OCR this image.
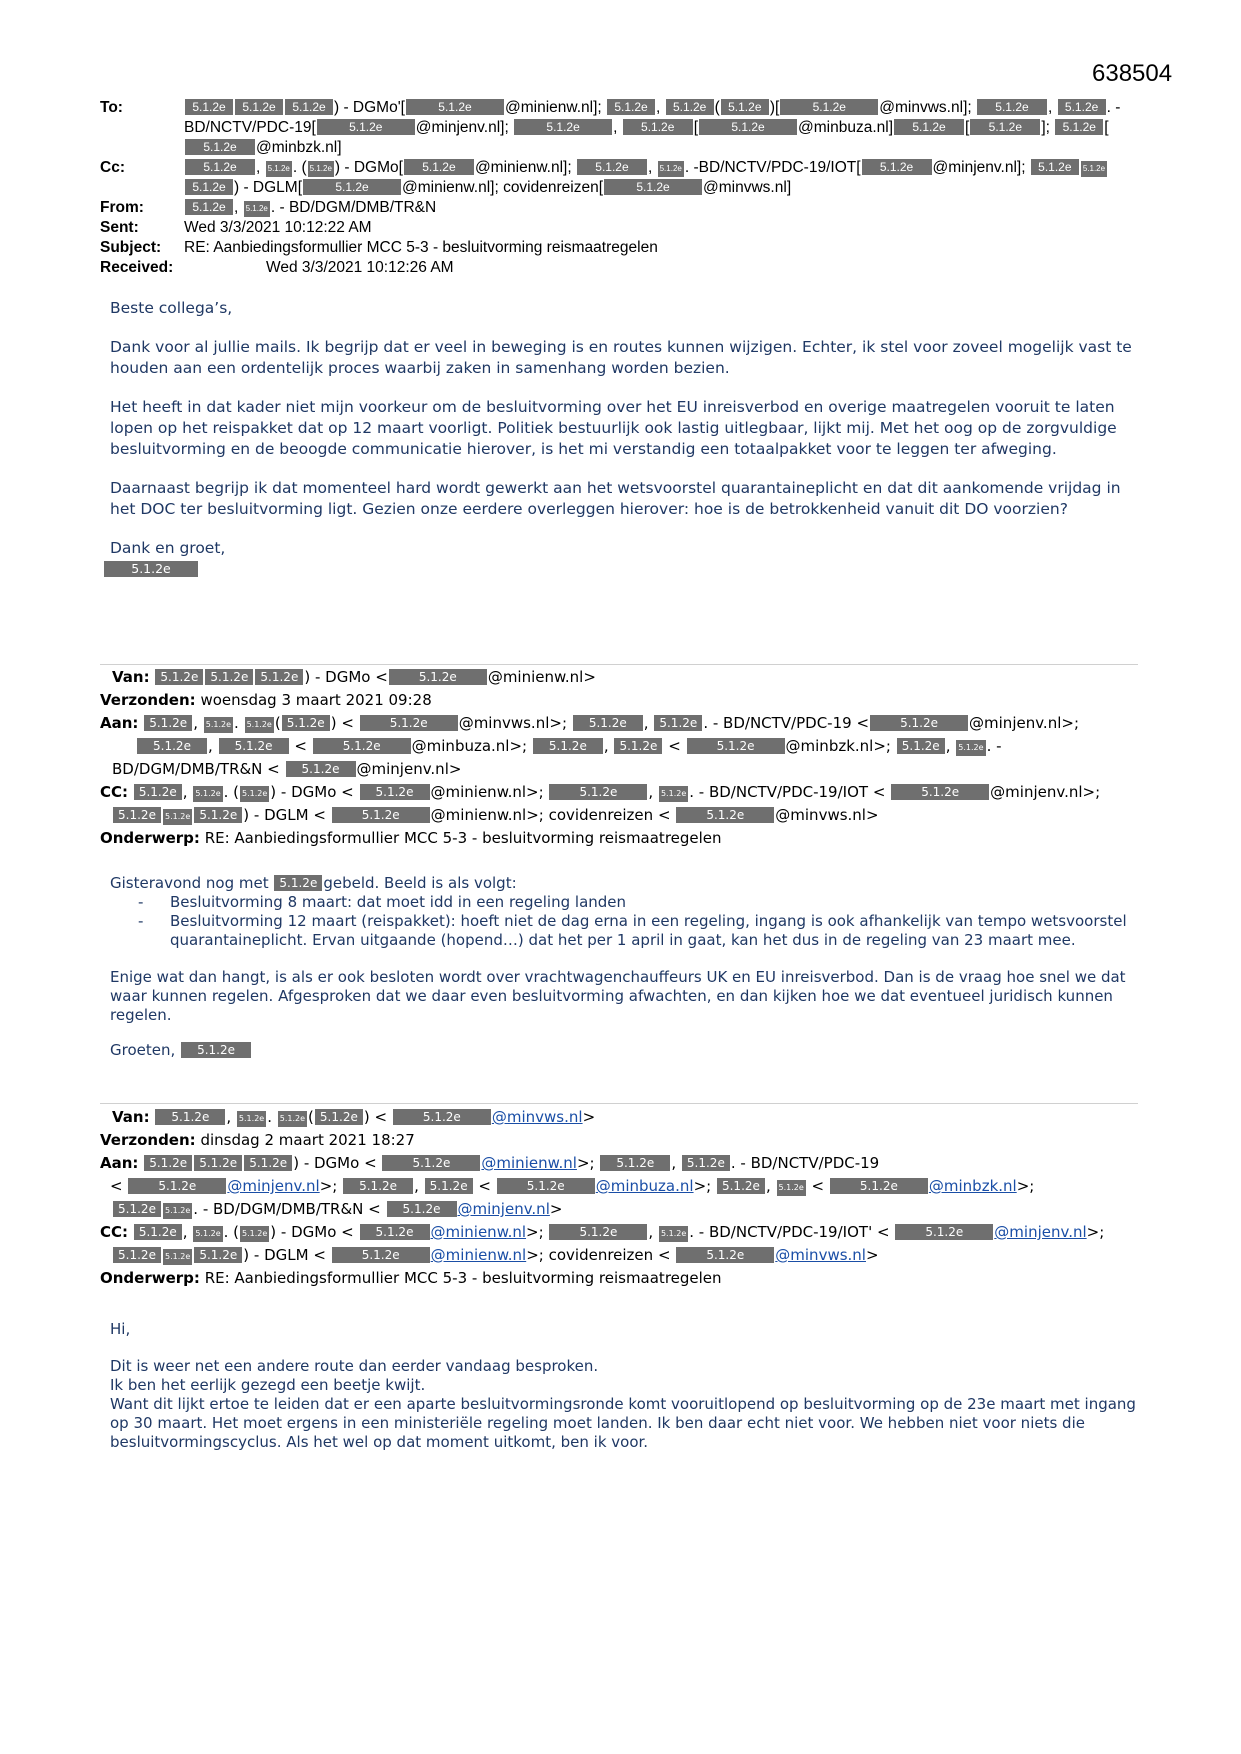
638504
To:	5.1.2e 5.1.2e 5.1.2e ) - DGMo'[	5.1.2e @minienw.nl]; 5.1.2e , 5.1.2e ( 5.1.2e )[	5.1.2e @minvws.nl]; 5.1.2e , 5.1.2e . - BD/NCTV/PDC-19[	5.1.2e @minjenv.nl];	5.1.2e , 5.1.2e [	5.1.2e @minbuza.nl] 5.1.2e [ 5.1.2e ]; 5.1.2e [5.1.2e @minbzk.nl]
Cc:	5.1.2e , 5.1.2e . ( 5.1.2e ) - DGMo[ 5.1.2e @minienw.nl]; 5.1.2e , 5.1.2e . -BD/NCTV/PDC-19/IOT[ 5.1.2e @minjenv.nl]; 5.1.2e 5.1.2e5.1.2e ) - DGLM[	5.1.2e @minienw.nl]; covidenreizen[	5.1.2e @minvws.nl]
From:	5.1.2e , 5.1.2e . - BD/DGM/DMB/TR&N
Sent:	Wed 3/3/2021 10:12:22 AM
Subject:	RE: Aanbiedingsformullier MCC 5-3 - besluitvorming reismaatregelen
Received:	Wed 3/3/2021 10:12:26 AM

Beste collega’s,

Dank voor al jullie mails. Ik begrijp dat er veel in beweging is en routes kunnen wijzigen. Echter, ik stel voor zoveel mogelijk vast te houden aan een ordentelijk proces waarbij zaken in samenhang worden bezien.

Het heeft in dat kader niet mijn voorkeur om de besluitvorming over het EU inreisverbod en overige maatregelen vooruit te laten lopen op het reispakket dat op 12 maart voorligt. Politiek bestuurlijk ook lastig uitlegbaar, lijkt mij. Met het oog op de zorgvuldige besluitvorming en de beoogde communicatie hierover, is het mi verstandig een totaalpakket voor te leggen ter afweging.

Daarnaast begrijp ik dat momenteel hard wordt gewerkt aan het wetsvoorstel quarantaineplicht en dat dit aankomende vrijdag in het DOC ter besluitvorming ligt. Gezien onze eerdere overleggen hierover: hoe is de betrokkenheid vanuit dit DO voorzien?

Dank en groet,
5.1.2e

Van: 5.1.2e 5.1.2e 5.1.2e ) - DGMo <	5.1.2e @minienw.nl>
Verzonden: woensdag 3 maart 2021 09:28
Aan: 5.1.2e , 5.1.2e . 5.1.2e ( 5.1.2e ) <	5.1.2e @minvws.nl>; 5.1.2e , 5.1.2e . - BD/NCTV/PDC-19 <	5.1.2e @minjenv.nl>;
5.1.2e , 5.1.2e <	5.1.2e @minbuza.nl>; 5.1.2e , 5.1.2e <	5.1.2e @minbzk.nl>; 5.1.2e , 5.1.2e . -
BD/DGM/DMB/TR&N < 5.1.2e @minjenv.nl>
CC: 5.1.2e , 5.1.2e . ( 5.1.2e ) - DGMo < 5.1.2e @minienw.nl>;	5.1.2e , 5.1.2e . - BD/NCTV/PDC-19/IOT <	5.1.2e @minjenv.nl>;
5.1.2e 5.1.2e 5.1.2e ) - DGLM <	5.1.2e @minienw.nl>; covidenreizen <	5.1.2e @minvws.nl>
Onderwerp: RE: Aanbiedingsformullier MCC 5-3 - besluitvorming reismaatregelen
Gisteravond nog met 5.1.2e gebeld. Beeld is als volgt:
- Besluitvorming 8 maart: dat moet idd in een regeling landen
- Besluitvorming 12 maart (reispakket): hoeft niet de dag erna in een regeling, ingang is ook afhankelijk van tempo wetsvoorstel quarantaineplicht. Ervan uitgaande (hopend…) dat het per 1 april in gaat, kan het dus in de regeling van 23 maart mee.

Enige wat dan hangt, is als er ook besloten wordt over vrachtwagenchauffeurs UK en EU inreisverbod. Dan is de vraag hoe snel we dat waar kunnen regelen. Afgesproken dat we daar even besluitvorming afwachten, en dan kijken hoe we dat eventueel juridisch kunnen regelen.

Groeten, 5.1.2e

Van: 5.1.2e , 5.1.2e . 5.1.2e ( 5.1.2e ) <	5.1.2e @minvws.nl>
Verzonden: dinsdag 2 maart 2021 18:27
Aan: 5.1.2e 5.1.2e 5.1.2e ) - DGMo <	5.1.2e @minienw.nl>; 5.1.2e , 5.1.2e . - BD/NCTV/PDC-19
<	5.1.2e @minjenv.nl>; 5.1.2e , 5.1.2e <	5.1.2e @minbuza.nl>; 5.1.2e , 5.1.2e <	5.1.2e @minbzk.nl>;
5.1.2e 5.1.2e . - BD/DGM/DMB/TR&N < 5.1.2e @minjenv.nl>
CC: 5.1.2e , 5.1.2e . ( 5.1.2e ) - DGMo < 5.1.2e @minienw.nl>;	5.1.2e , 5.1.2e . - BD/NCTV/PDC-19/IOT' <	5.1.2e @minjenv.nl>;
5.1.2e 5.1.2e 5.1.2e ) - DGLM <	5.1.2e @minienw.nl>; covidenreizen <	5.1.2e @minvws.nl>
Onderwerp: RE: Aanbiedingsformullier MCC 5-3 - besluitvorming reismaatregelen

Hi,

Dit is weer net een andere route dan eerder vandaag besproken.
Ik ben het eerlijk gezegd een beetje kwijt.
Want dit lijkt ertoe te leiden dat er een aparte besluitvormingsronde komt vooruitlopend op besluitvorming op de 23e maart met ingang op 30 maart. Het moet ergens in een ministeriële regeling moet landen. Ik ben daar echt niet voor. We hebben niet voor niets die besluitvormingscyclus. Als het wel op dat moment uitkomt, ben ik voor.
